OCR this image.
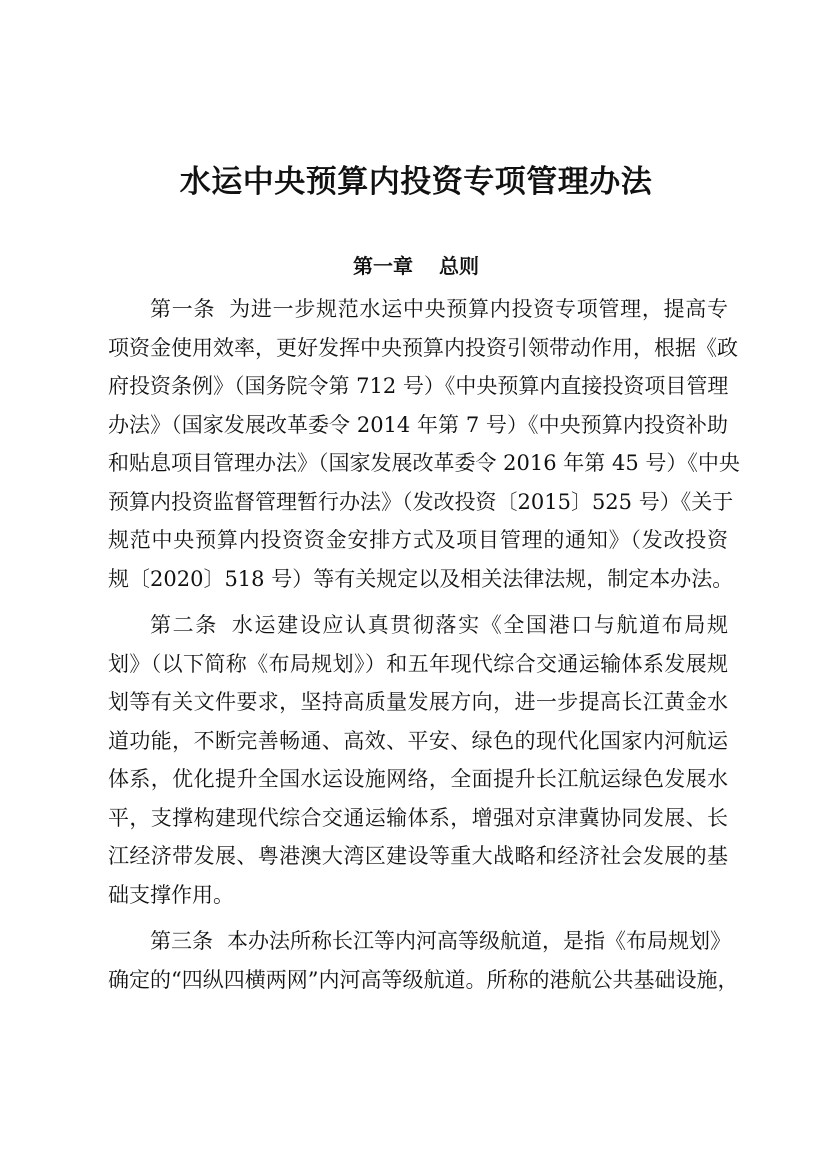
水运中央预算内投资专项管理办法
第一章 总则
第一条 为进一步规范水运中央预算内投资专项管理，提高专
项资金使用效率，更好发挥中央预算内投资引领带动作用，根据《政
府投资条例》（国务院令第 712 号）《中央预算内直接投资项目管理
办法》（国家发展改革委令 2014 年第 7 号）《中央预算内投资补助
和贴息项目管理办法》（国家发展改革委令 2016 年第 45 号）《中央
预算内投资监督管理暂行办法》（发改投资〔2015〕525 号）《关于
规范中央预算内投资资金安排方式及项目管理的通知》（发改投资
规〔2020〕518 号）等有关规定以及相关法律法规，制定本办法。
第二条 水运建设应认真贯彻落实《全国港口与航道布局规
划》（以下简称《布局规划》）和五年现代综合交通运输体系发展规
划等有关文件要求，坚持高质量发展方向，进一步提高长江黄金水
道功能，不断完善畅通、高效、平安、绿色的现代化国家内河航运
体系，优化提升全国水运设施网络，全面提升长江航运绿色发展水
平，支撑构建现代综合交通运输体系，增强对京津冀协同发展、长
江经济带发展、粤港澳大湾区建设等重大战略和经济社会发展的基
础支撑作用。
第三条 本办法所称长江等内河高等级航道，是指《布局规划》
确定的“四纵四横两网”内河高等级航道。所称的港航公共基础设施，
